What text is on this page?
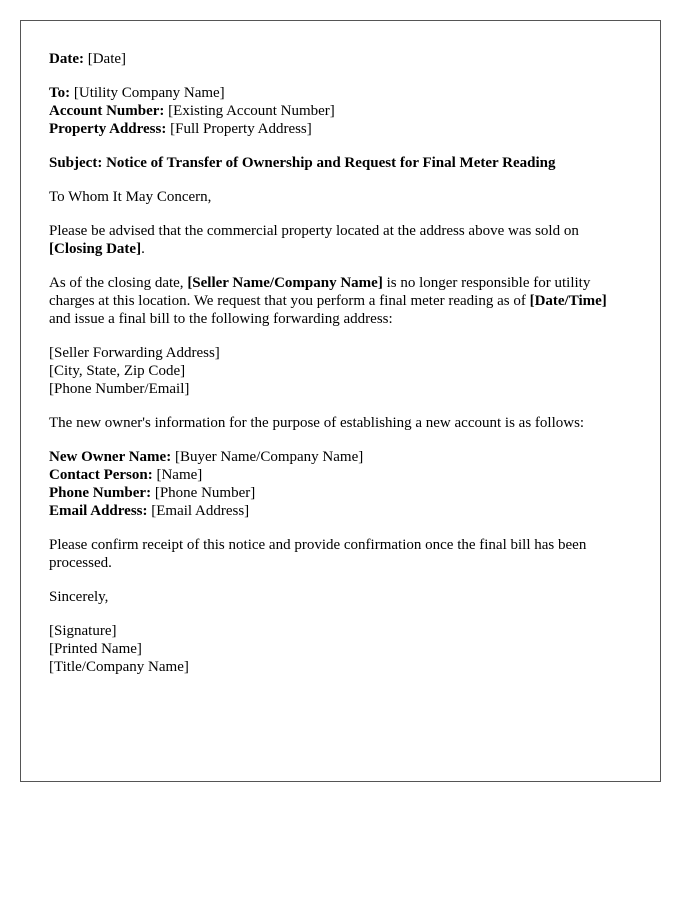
Date: [Date]

To: [Utility Company Name]
Account Number: [Existing Account Number]
Property Address: [Full Property Address]

Subject: Notice of Transfer of Ownership and Request for Final Meter Reading

To Whom It May Concern,

Please be advised that the commercial property located at the address above was sold on [Closing Date].

As of the closing date, [Seller Name/Company Name] is no longer responsible for utility charges at this location. We request that you perform a final meter reading as of [Date/Time] and issue a final bill to the following forwarding address:

[Seller Forwarding Address]
[City, State, Zip Code]
[Phone Number/Email]

The new owner's information for the purpose of establishing a new account is as follows:

New Owner Name: [Buyer Name/Company Name]
Contact Person: [Name]
Phone Number: [Phone Number]
Email Address: [Email Address]

Please confirm receipt of this notice and provide confirmation once the final bill has been processed.

Sincerely,

[Signature]
[Printed Name]
[Title/Company Name]
